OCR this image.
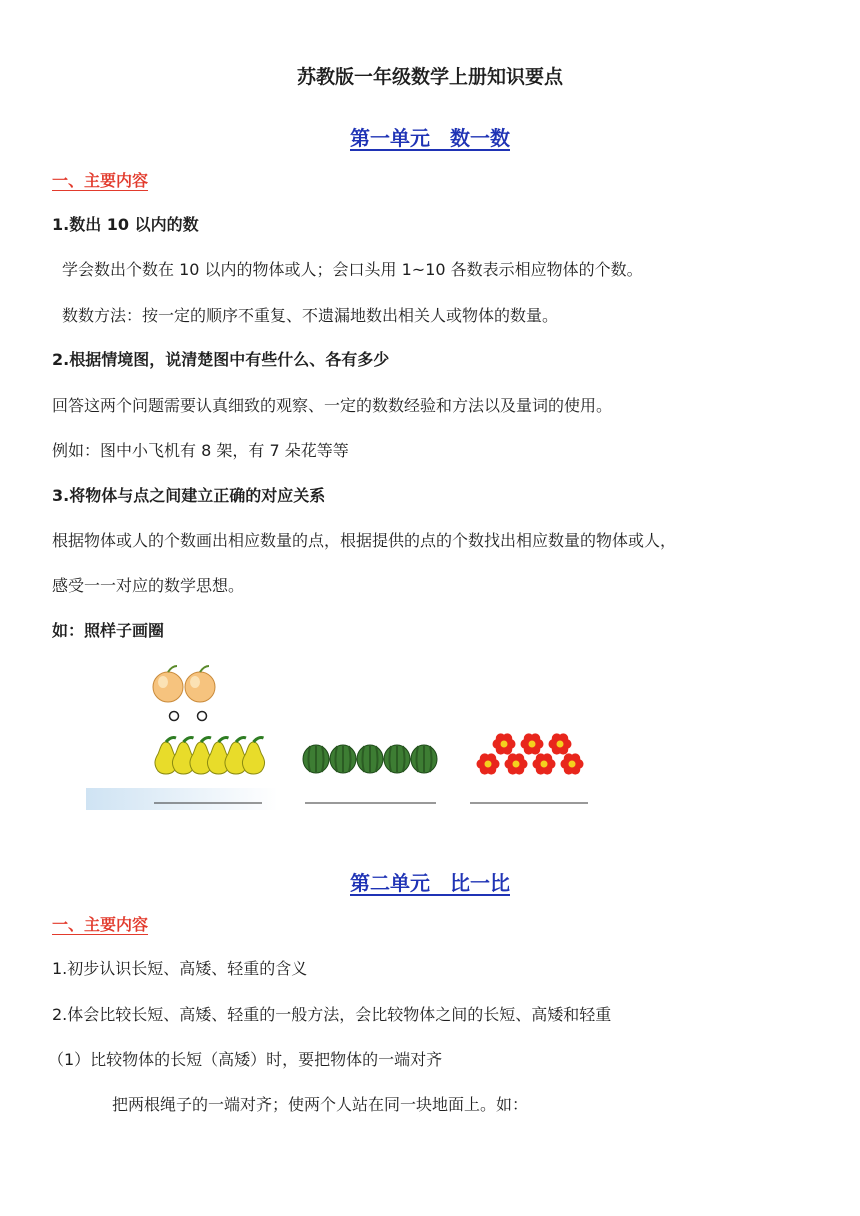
苏教版一年级数学上册知识要点
第一单元　数一数
一、主要内容
1.数出 10 以内的数
学会数出个数在 10 以内的物体或人；会口头用 1~10 各数表示相应物体的个数。
数数方法：按一定的顺序不重复、不遗漏地数出相关人或物体的数量。
2.根据情境图，说清楚图中有些什么、各有多少
回答这两个问题需要认真细致的观察、一定的数数经验和方法以及量词的使用。
例如：图中小飞机有 8 架，有 7 朵花等等
3.将物体与点之间建立正确的对应关系
根据物体或人的个数画出相应数量的点，根据提供的点的个数找出相应数量的物体或人，
感受一一对应的数学思想。
如：照样子画圈
第二单元　比一比
一、主要内容
1.初步认识长短、高矮、轻重的含义
2.体会比较长短、高矮、轻重的一般方法，会比较物体之间的长短、高矮和轻重
（1）比较物体的长短（高矮）时，要把物体的一端对齐
把两根绳子的一端对齐；使两个人站在同一块地面上。如：
